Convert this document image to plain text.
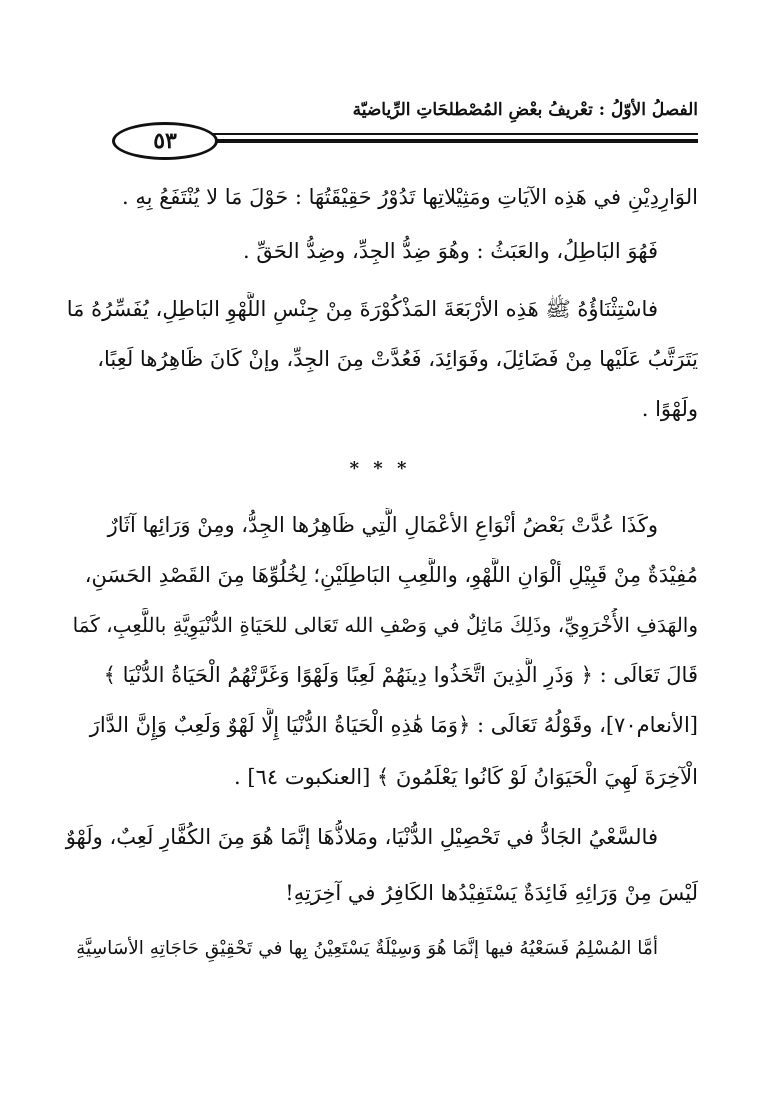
الفصلُ الأوّلُ : تعْريفُ بعْضِ المُصْطلحَاتِ الرِّياضيّة
٥٣
الوَارِدِيْنِ في هَذِه الآيَاتِ ومَثِيْلاتِها تَدُوْرُ حَقِيْقَتُهَا : حَوْلَ مَا لا يُنْتَفَعُ بِهِ .
فَهُوَ البَاطِلُ، والعَبَثُ : وهُوَ ضِدُّ الجِدِّ، وضِدُّ الحَقِّ .
فاسْتِثْنَاؤُهُ ﷺ هَذِه الأرْبَعَةَ المَذْكُوْرَةَ مِنْ جِنْسِ اللَّهْوِ البَاطِلِ، يُفَسِّرُهُ مَا
يَتَرَتَّبُ عَلَيْها مِنْ فَضَائِلَ، وفَوَائِدَ، فَعُدَّتْ مِنَ الجِدِّ، وإنْ كَانَ ظَاهِرُها لَعِبًا،
ولَهْوًا .
* * *
وكَذَا عُدَّتْ بَعْضُ أنْوَاعِ الأعْمَالِ الَّتِي ظَاهِرُها الجِدُّ، ومِنْ وَرَائِها آثَارٌ
مُفِيْدَةٌ مِنْ قَبِيْلِ ألْوَانِ اللَّهْوِ، واللَّعِبِ البَاطِلَيْنِ؛ لِخُلُوِّهَا مِنَ القَصْدِ الحَسَنِ،
والهَدَفِ الأُخْرَوِيِّ، وذَلِكَ مَاثِلٌ في وَصْفِ الله تَعَالى للحَيَاةِ الدُّنْيَوِيَّةِ باللَّعِبِ، كَمَا
قَالَ تَعَالَى : ﴿ وَذَرِ الَّذِينَ اتَّخَذُوا دِينَهُمْ لَعِبًا وَلَهْوًا وَغَرَّتْهُمُ الْحَيَاةُ الدُّنْيَا ﴾
[الأنعام٧٠]، وقَوْلُهُ تَعَالَى : ﴿وَمَا هَٰذِهِ الْحَيَاةُ الدُّنْيَا إِلَّا لَهْوٌ وَلَعِبٌ وَإِنَّ الدَّارَ
الْآخِرَةَ لَهِيَ الْحَيَوَانُ لَوْ كَانُوا يَعْلَمُونَ ﴾ [العنكبوت ٦٤] .
فالسَّعْيُ الجَادُّ في تَحْصِيْلِ الدُّنْيَا، ومَلاذُّهَا إنَّمَا هُوَ مِنَ الكُفَّارِ لَعِبٌ، ولَهْوٌ
لَيْسَ مِنْ وَرَائِهِ فَائِدَةٌ يَسْتَفِيْدُها الكَافِرُ في آخِرَتِهِ!
أمَّا المُسْلِمُ فَسَعْيُهُ فيها إنَّمَا هُوَ وَسِيْلَةٌ يَسْتَعِيْنُ بِها في تَحْقِيْقِ حَاجَاتِهِ الأسَاسِيَّةِ
